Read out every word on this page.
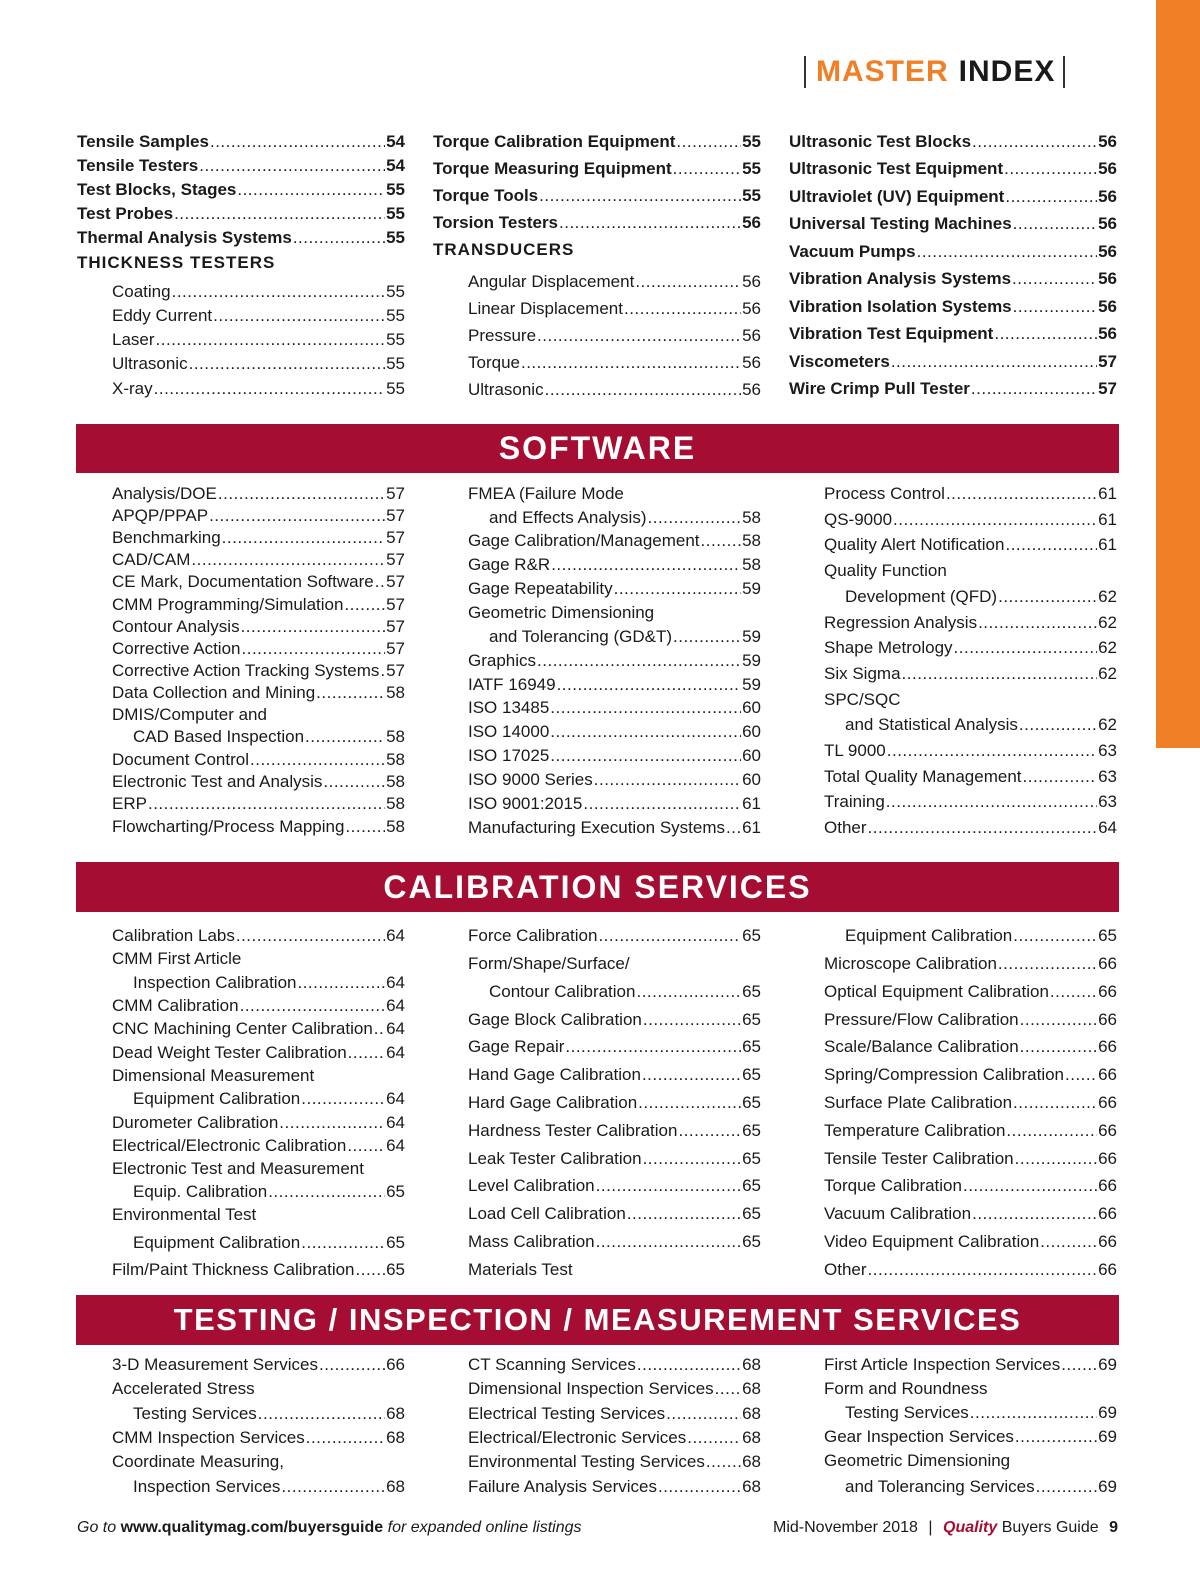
MASTER INDEX
Tensile Samples .....	54
Tensile Testers .....	54
Test Blocks, Stages .....	55
Test Probes .....	55
Thermal Analysis Systems .....	55
THICKNESS TESTERS
Coating .....	55
Eddy Current .....	55
Laser .....	55
Ultrasonic .....	55
X-ray .....	55
Torque Calibration Equipment .....	55
Torque Measuring Equipment .....	55
Torque Tools .....	55
Torsion Testers .....	56
TRANSDUCERS
Angular Displacement .....	56
Linear Displacement .....	56
Pressure .....	56
Torque .....	56
Ultrasonic .....	56
Ultrasonic Test Blocks .....	56
Ultrasonic Test Equipment .....	56
Ultraviolet (UV) Equipment .....	56
Universal Testing Machines .....	56
Vacuum Pumps .....	56
Vibration Analysis Systems .....	56
Vibration Isolation Systems .....	56
Vibration Test Equipment .....	56
Viscometers .....	57
Wire Crimp Pull Tester .....	57
SOFTWARE
Analysis/DOE .....	57
APQP/PPAP .....	57
Benchmarking .....	57
CAD/CAM .....	57
CE Mark, Documentation Software ..... 57
CMM Programming/Simulation .....	57
Contour Analysis .....	57
Corrective Action .....	57
Corrective Action Tracking Systems ..... 57
Data Collection and Mining .....	58
DMIS/Computer and
CAD Based Inspection .....	58
Document Control .....	58
Electronic Test and Analysis .....	58
ERP .....	58
Flowcharting/Process Mapping ..... 58
FMEA (Failure Mode
and Effects Analysis) .....	58
Gage Calibration/Management .....	58
Gage R&R .....	58
Gage Repeatability .....	59
Geometric Dimensioning
and Tolerancing (GD&T) .....	59
Graphics .....	59
IATF 16949 .....	59
ISO 13485 .....	60
ISO 14000 .....	60
ISO 17025 .....	60
ISO 9000 Series .....	60
ISO 9001:2015 .....	61
Manufacturing Execution Systems ..... 61
Process Control .....	61
QS-9000 .....	61
Quality Alert Notification .....	61
Quality Function
Development (QFD) .....	62
Regression Analysis .....	62
Shape Metrology .....	62
Six Sigma .....	62
SPC/SQC
and Statistical Analysis .....	62
TL 9000 .....	63
Total Quality Management .....	63
Training .....	63
Other .....	64
CALIBRATION SERVICES
Calibration Labs .....	64
CMM First Article
Inspection Calibration .....	64
CMM Calibration .....	64
CNC Machining Center Calibration ..... 64
Dead Weight Tester Calibration ..... 64
Dimensional Measurement
Equipment Calibration .....	64
Durometer Calibration .....	64
Electrical/Electronic Calibration ..... 64
Electronic Test and Measurement
Equip. Calibration .....	65
Environmental Test
Equipment Calibration .....	65
Film/Paint Thickness Calibration ..... 65
Force Calibration .....	65
Form/Shape/Surface/
Contour Calibration .....	65
Gage Block Calibration .....	65
Gage Repair .....	65
Hand Gage Calibration .....	65
Hard Gage Calibration .....	65
Hardness Tester Calibration .....	65
Leak Tester Calibration .....	65
Level Calibration .....	65
Load Cell Calibration .....	65
Mass Calibration .....	65
Materials Test
Equipment Calibration .....	65
Microscope Calibration .....	66
Optical Equipment Calibration .....	66
Pressure/Flow Calibration .....	66
Scale/Balance Calibration .....	66
Spring/Compression Calibration ..... 66
Surface Plate Calibration .....	66
Temperature Calibration .....	66
Tensile Tester Calibration .....	66
Torque Calibration .....	66
Vacuum Calibration .....	66
Video Equipment Calibration .....	66
Other .....	66
TESTING / INSPECTION / MEASUREMENT SERVICES
3-D Measurement Services .....	66
Accelerated Stress
Testing Services .....	68
CMM Inspection Services .....	68
Coordinate Measuring,
Inspection Services .....	68
CT Scanning Services .....	68
Dimensional Inspection Services ..... 68
Electrical Testing Services .....	68
Electrical/Electronic Services .....	68
Environmental Testing Services ..... 68
Failure Analysis Services .....	68
First Article Inspection Services ..... 69
Form and Roundness
Testing Services .....	69
Gear Inspection Services .....	69
Geometric Dimensioning
and Tolerancing Services .....	69
Go to www.qualitymag.com/buyersguide for expanded online listings	Mid-November 2018 | Quality Buyers Guide 9
